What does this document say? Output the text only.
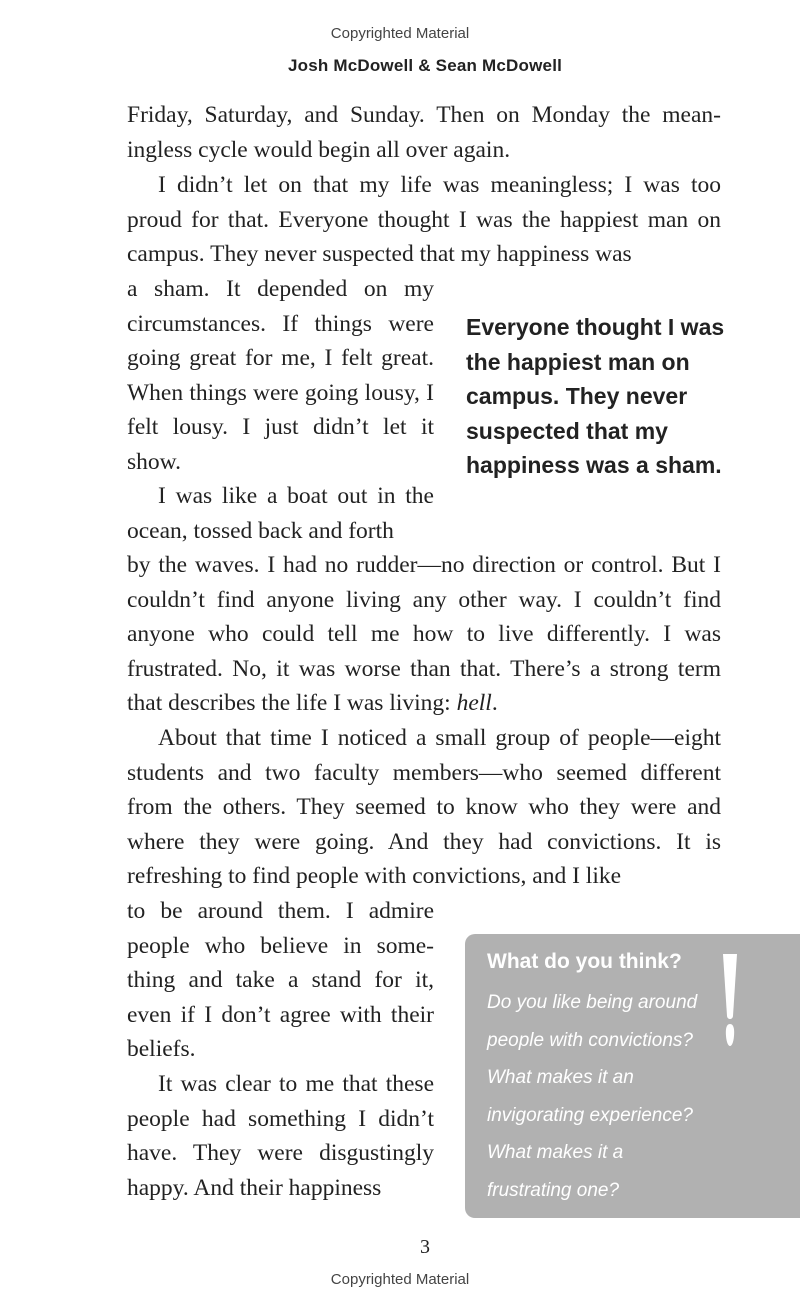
Copyrighted Material
Josh McDowell & Sean McDowell

Friday, Saturday, and Sunday. Then on Monday the mean-ingless cycle would begin all over again.

I didn’t let on that my life was meaningless; I was too proud for that. Everyone thought I was the happiest man on campus. They never suspected that my happiness was

a sham. It depended on my circumstances. If things were going great for me, I felt great. When things were going lousy, I felt lousy. I just didn’t let it show.

I was like a boat out in the ocean, tossed back and forth

by the waves. I had no rudder—no direction or control. But I couldn’t find anyone living any other way. I couldn’t find anyone who could tell me how to live differently. I was frustrated. No, it was worse than that. There’s a strong term that describes the life I was living: hell.

About that time I noticed a small group of people—eight students and two faculty members—who seemed different from the others. They seemed to know who they were and where they were going. And they had convictions. It is refreshing to find people with convictions, and I like

to be around them. I admire people who believe in some-thing and take a stand for it, even if I don’t agree with their beliefs.

It was clear to me that these people had something I didn’t have. They were disgustingly happy. And their happiness

Everyone thought I was the happiest man on campus. They never suspected that my happiness was a sham.

What do you think?

Do you like being around people with convictions? What makes it an invigorating experience? What makes it a frustrating one?

3
Copyrighted Material
